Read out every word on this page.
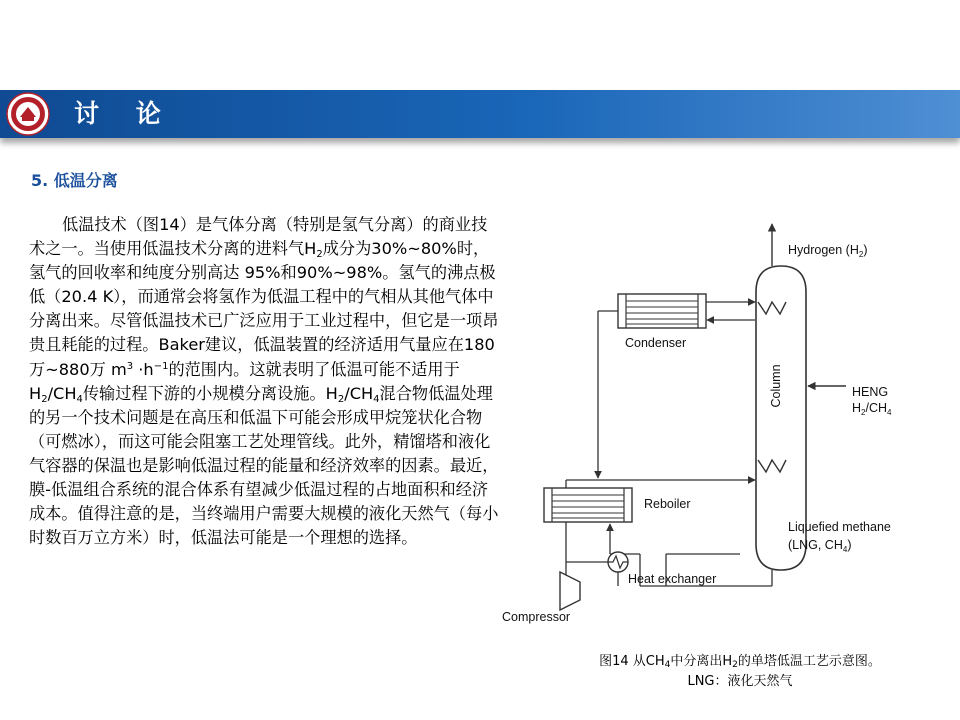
讨 论
5. 低温分离

低温技术（图14）是气体分离（特别是氢气分离）的商业技术之一。当使用低温技术分离的进料气$H_2$成分为30%~80%时，氢气的回收率和纯度分别高达 95%和90%~98%。氢气的沸点极低（20.4 K），而通常会将氢作为低温工程中的气相从其他气体中分离出来。尽管低温技术已广泛应用于工业过程中，但它是一项昂贵且耗能的过程。Baker建议，低温装置的经济适用气量应在180万~880万 $m^3 \cdot h^{-1}$的范围内。这就表明了低温可能不适用于$H_2/CH_4$传输过程下游的小规模分离设施。$H_2/CH_4$混合物低温处理的另一个技术问题是在高压和低温下可能会形成甲烷笼状化合物（可燃冰），而这可能会阻塞工艺处理管线。此外，精馏塔和液化气容器的保温也是影响低温过程的能量和经济效率的因素。最近，膜-低温组合系统的混合体系有望减少低温过程的占地面积和经济成本。值得注意的是，当终端用户需要大规模的液化天然气（每小时数百万立方米）时，低温法可能是一个理想的选择。

Column
Hydrogen $(H_2)$
Condenser
HENG
$H_2/CH_4$
Reboiler
Liquefied methane
(LNG, $CH_4$)
Heat exchanger
Compressor
图14 从$CH_4$中分离出$H_2$的单塔低温工艺示意图。
LNG：液化天然气
